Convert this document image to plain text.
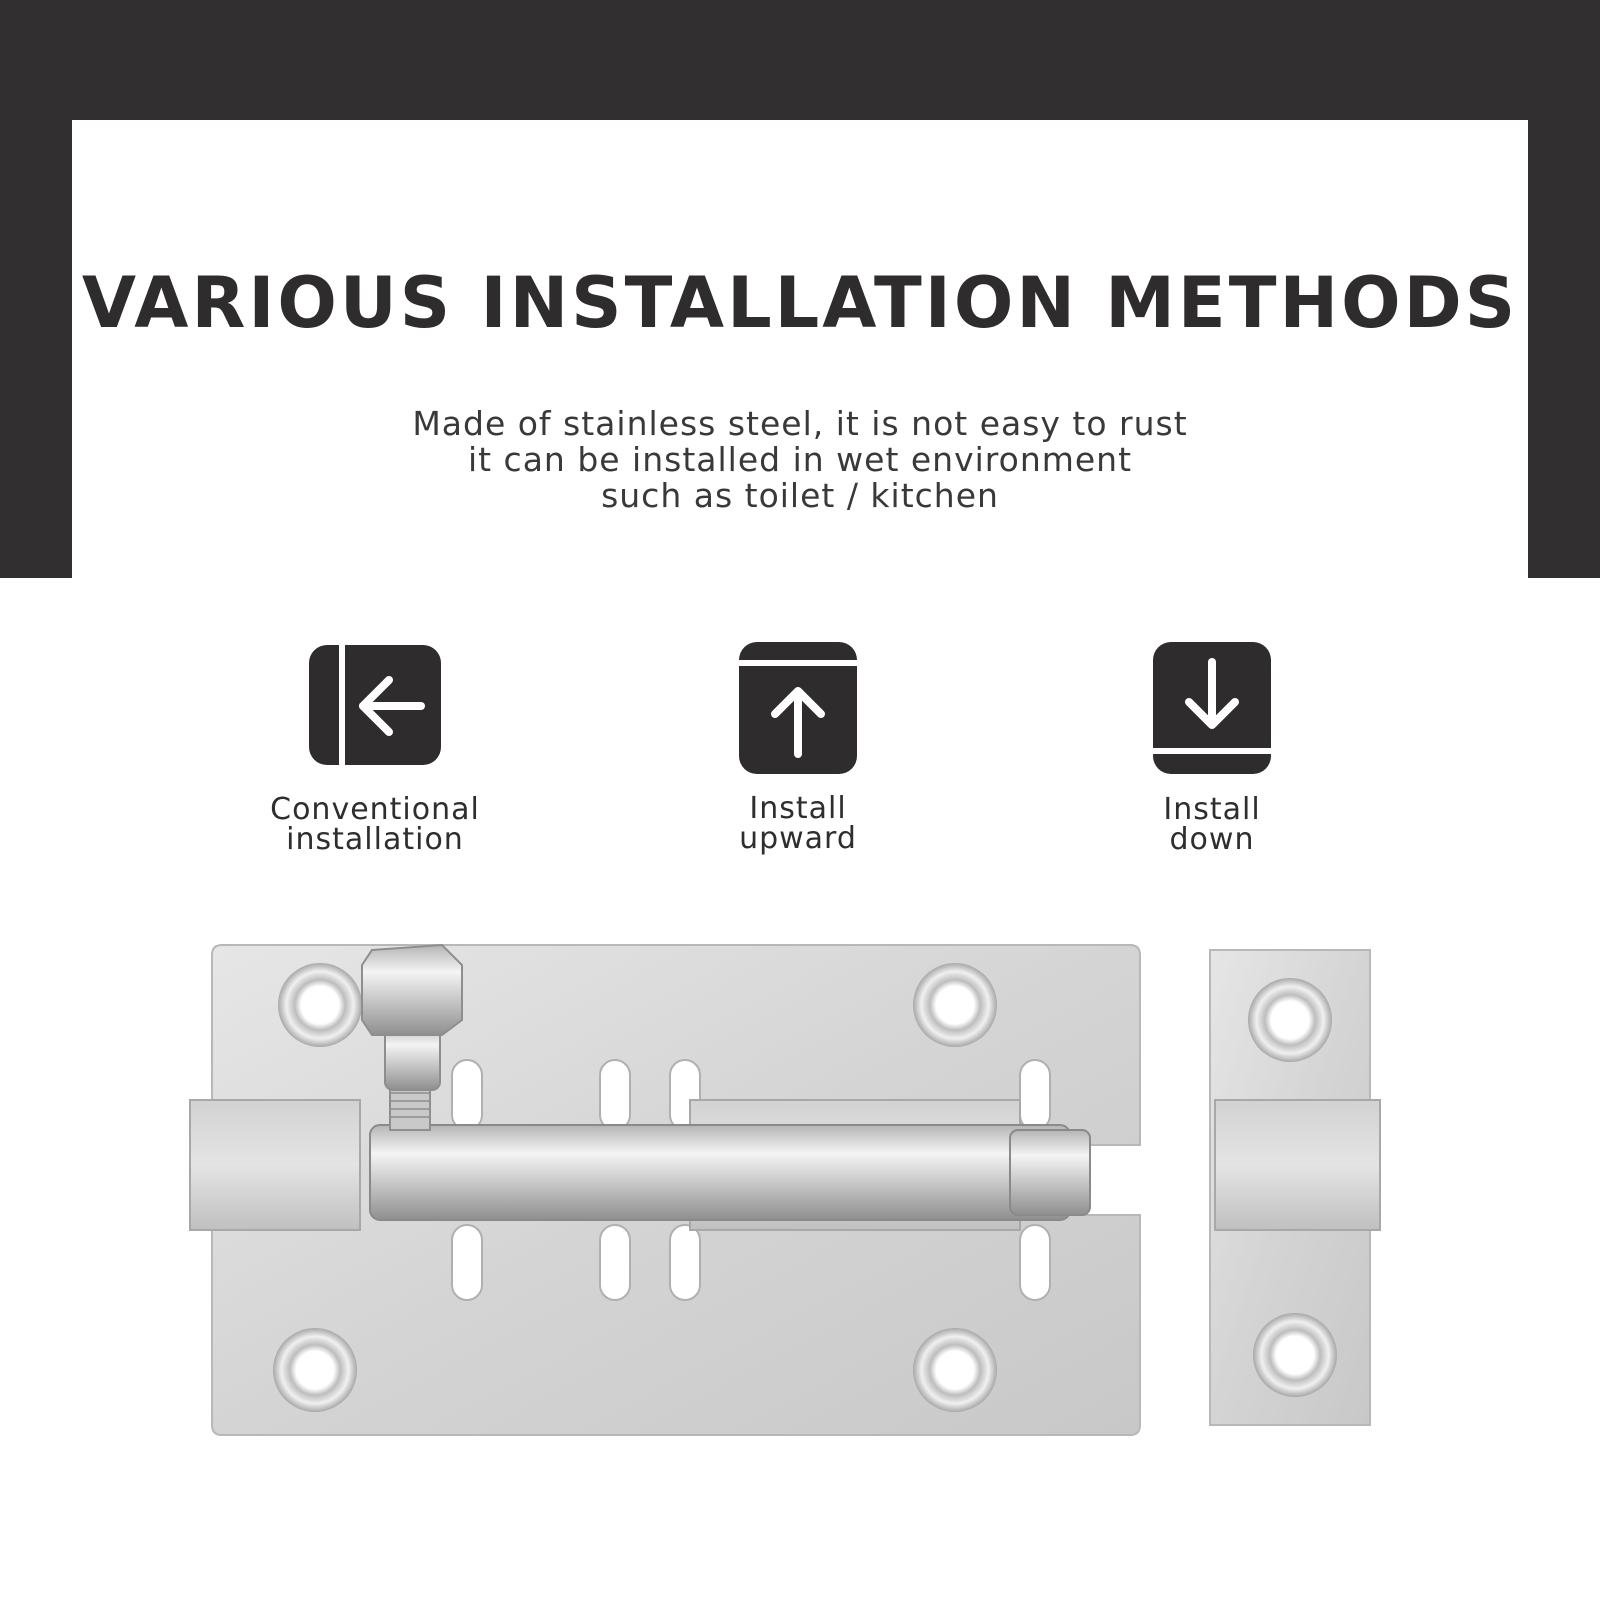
VARIOUS INSTALLATION METHODS
Made of stainless steel, it is not easy to rust
it can be installed in wet environment
such as toilet / kitchen
Conventional
installation
Install
upward
Install
down
